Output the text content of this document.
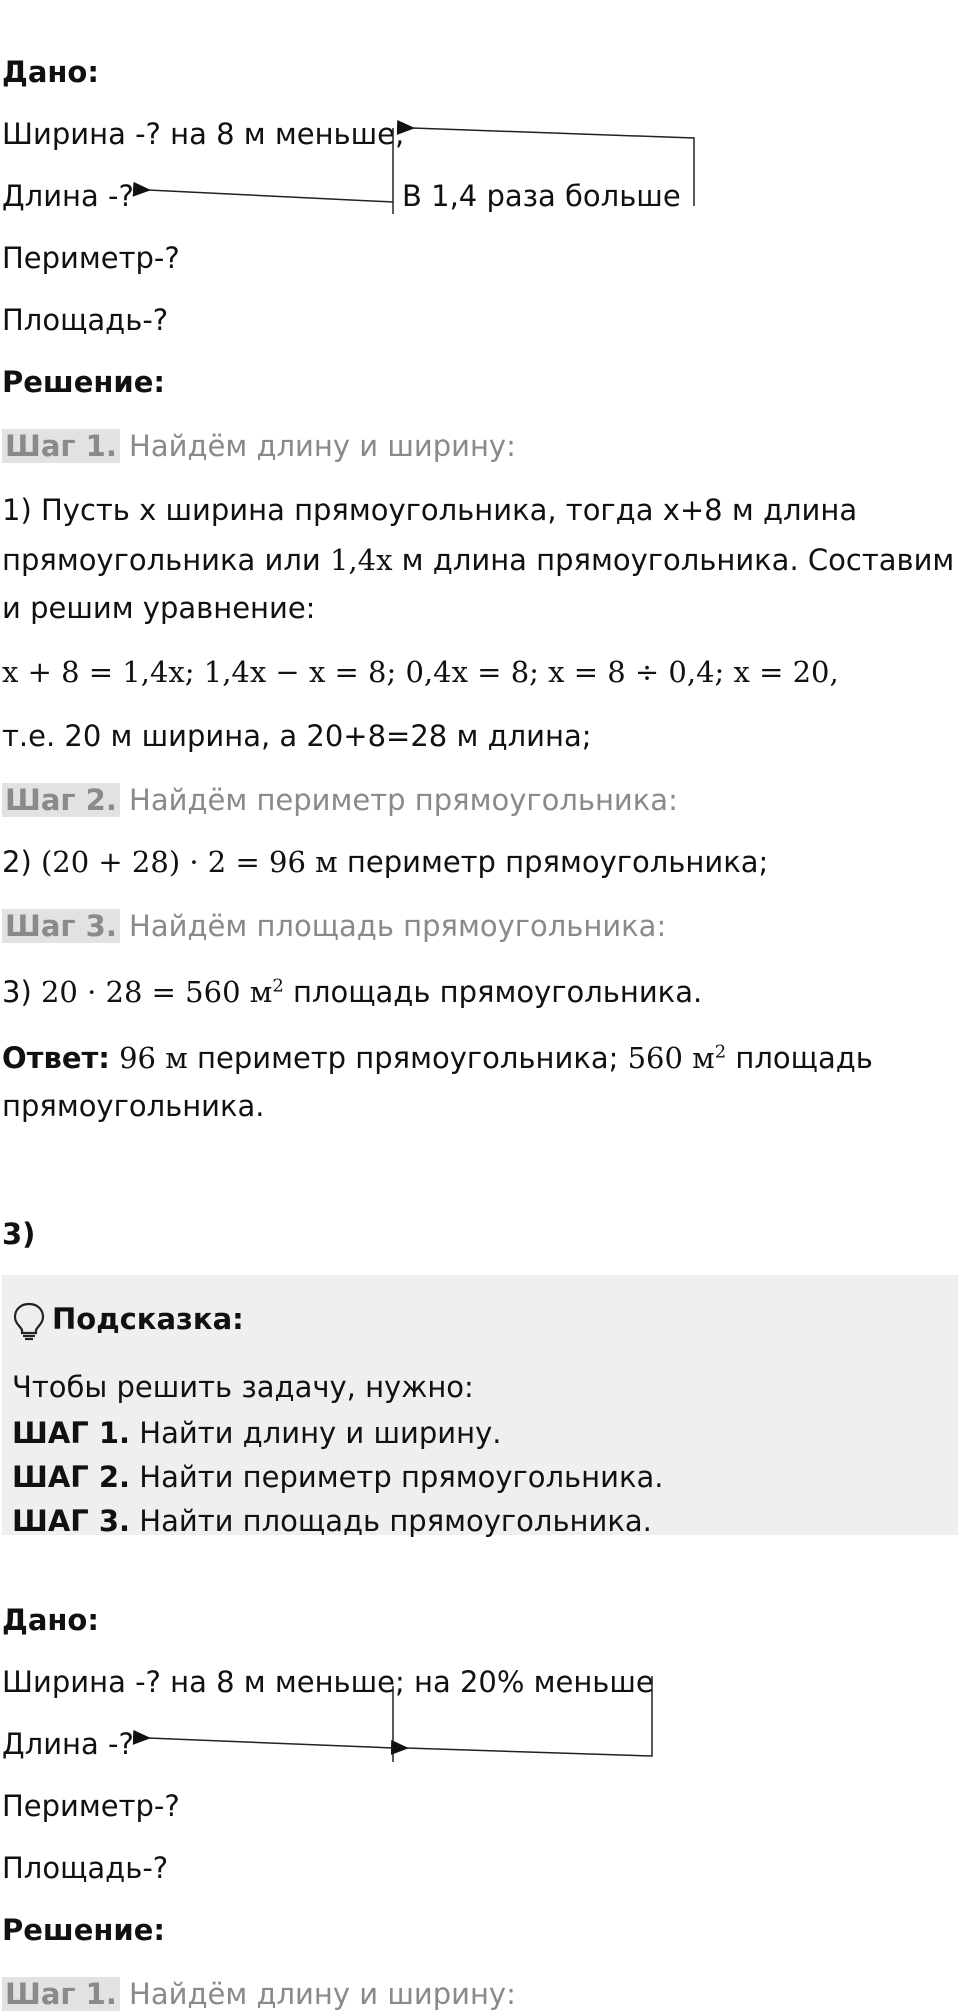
Дано:
Ширина -? на 8 м меньше;
Длина -?	В 1,4 раза больше
Периметр-?
Площадь-?
Решение:
Шаг 1. Найдём длину и ширину:
1) Пусть х ширина прямоугольника, тогда х+8 м длина
прямоугольника или 1,4x м длина прямоугольника. Составим
и решим уравнение:
x + 8 = 1,4x; 1,4x − x = 8; 0,4x = 8; x = 8 ÷ 0,4; x = 20,
т.е. 20 м ширина, а 20+8=28 м длина;
Шаг 2. Найдём периметр прямоугольника:
2) (20 + 28) · 2 = 96 м периметр прямоугольника;
Шаг 3. Найдём площадь прямоугольника:
3) 20 · 28 = 560 $м^2$ площадь прямоугольника.
Ответ: 96 м периметр прямоугольника; 560 $м^2$ площадь
прямоугольника.
3)
Подсказка:
Чтобы решить задачу, нужно:
ШАГ 1. Найти длину и ширину.
ШАГ 2. Найти периметр прямоугольника.
ШАГ 3. Найти площадь прямоугольника.
Дано:
Ширина -? на 8 м меньше; на 20% меньше
Длина -?
Периметр-?
Площадь-?
Решение:
Шаг 1. Найдём длину и ширину:
